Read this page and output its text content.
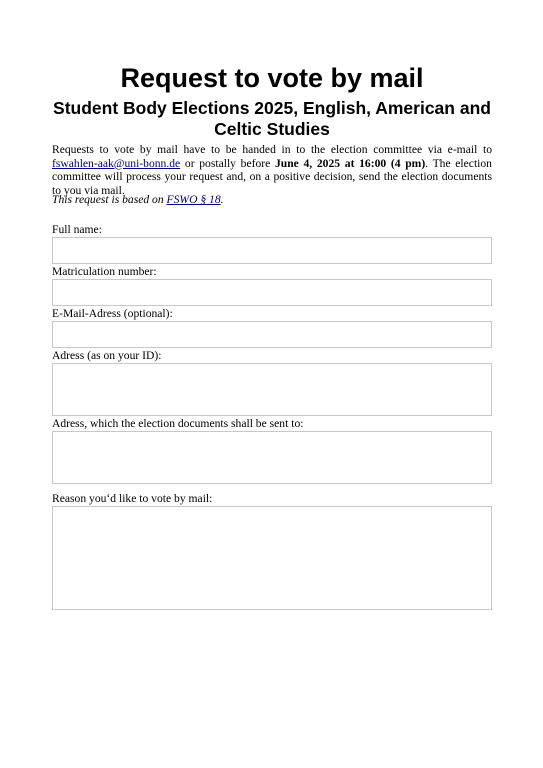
Request to vote by mail
Student Body Elections 2025, English, American and Celtic Studies

Requests to vote by mail have to be handed in to the election committee via e-mail to fswahlen-aak@uni-bonn.de or postally before June 4, 2025 at 16:00 (4 pm). The election committee will process your request and, on a positive decision, send the election documents to you via mail.

This request is based on FSWO § 18.

Full name:
Matriculation number:
E-Mail-Adress (optional):
Adress (as on your ID):
Adress, which the election documents shall be sent to:
Reason you‘d like to vote by mail:
